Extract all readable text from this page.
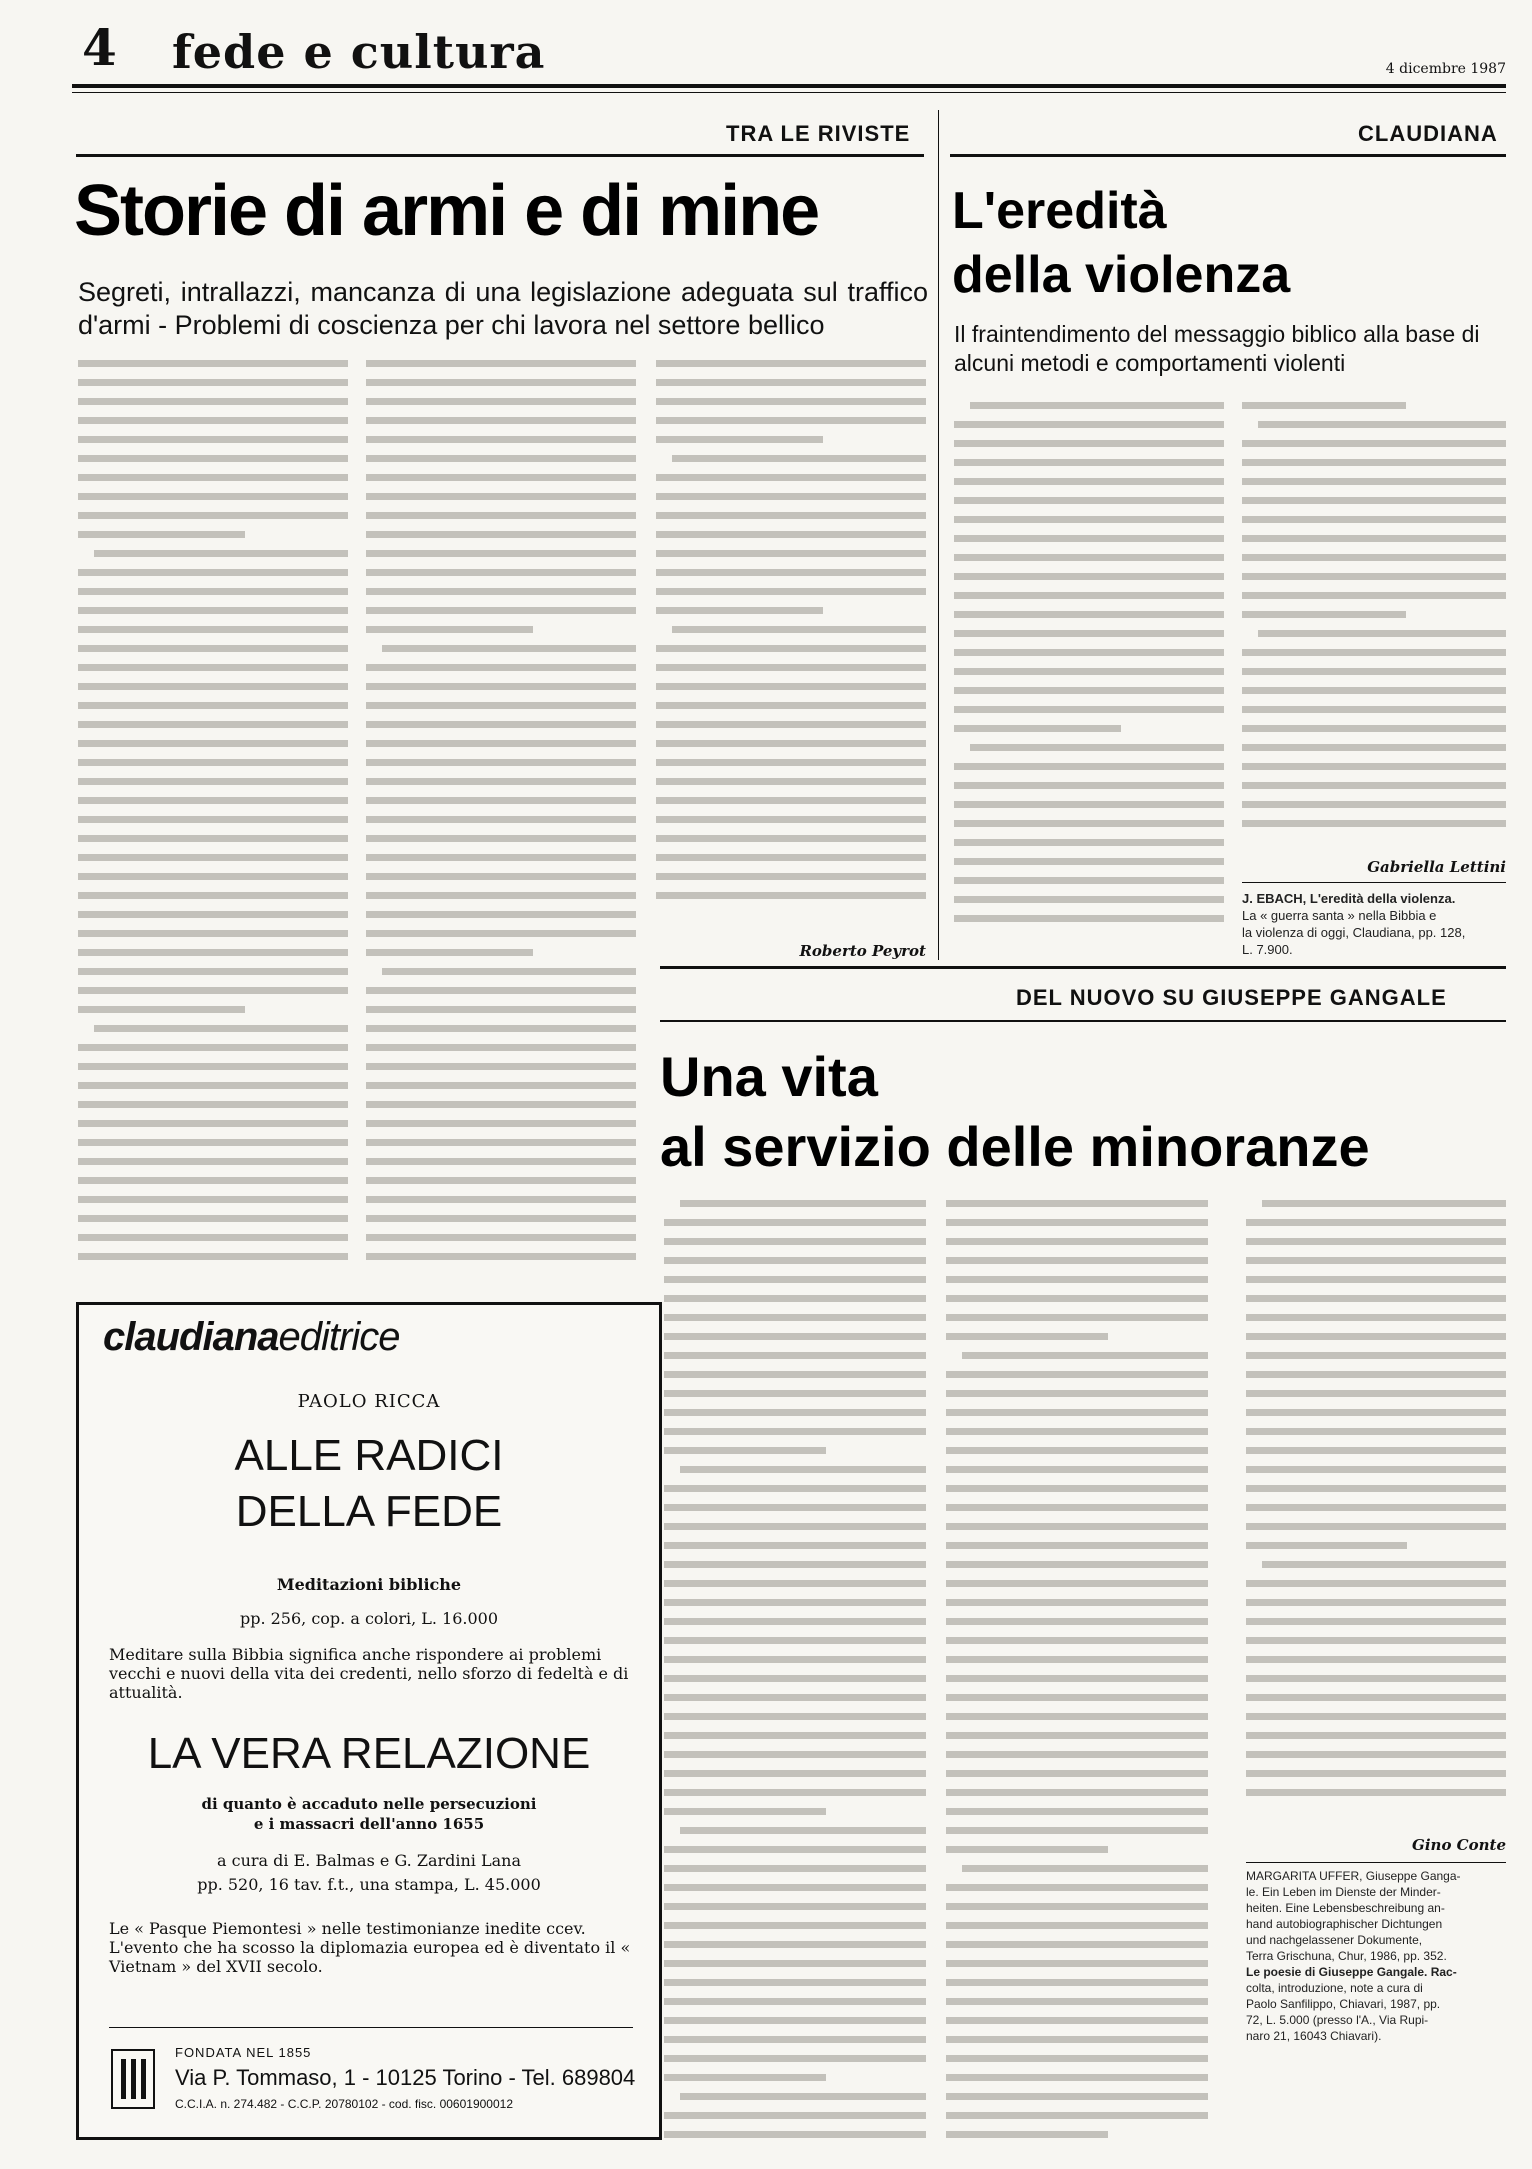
4 fede e cultura	4 dicembre 1987
TRA LE RIVISTE
Storie di armi e di mine
Segreti, intrallazzi, mancanza di una legislazione adeguata sul traffico d'armi - Problemi di coscienza per chi lavora nel settore bellico
Roberto Peyrot
CLAUDIANA
L'eredità
della violenza
Il fraintendimento del messaggio biblico alla base di alcuni metodi e comportamenti violenti
Gabriella Lettini
J. EBACH, L'eredità della violenza.
La « guerra santa » nella Bibbia e
la violenza di oggi, Claudiana, pp. 128,
L. 7.900.
DEL NUOVO SU GIUSEPPE GANGALE
Una vita
al servizio delle minoranze
Gino Conte
MARGARITA UFFER, Giuseppe Ganga-
le. Ein Leben im Dienste der Minder-
heiten. Eine Lebensbeschreibung an-
hand autobiographischer Dichtungen
und nachgelassener Dokumente,
Terra Grischuna, Chur, 1986, pp. 352.
Le poesie di Giuseppe Gangale. Rac-
colta, introduzione, note a cura di
Paolo Sanfilippo, Chiavari, 1987, pp.
72, L. 5.000 (presso l'A., Via Rupi-
naro 21, 16043 Chiavari).
claudianaeditrice
PAOLO RICCA
ALLE RADICI
DELLA FEDE
Meditazioni bibliche
pp. 256, cop. a colori, L. 16.000
Meditare sulla Bibbia significa anche rispondere ai problemi vecchi e nuovi della vita dei credenti, nello sforzo di fedeltà e di attualità.
LA VERA RELAZIONE
di quanto è accaduto nelle persecuzioni
e i massacri dell'anno 1655
a cura di E. Balmas e G. Zardini Lana
pp. 520, 16 tav. f.t., una stampa, L. 45.000
Le « Pasque Piemontesi » nelle testimonianze inedite ccev. L'evento che ha scosso la diplomazia europea ed è diventato il « Vietnam » del XVII secolo.
FONDATA NEL 1855
Via P. Tommaso, 1 - 10125 Torino - Tel. 689804
C.C.I.A. n. 274.482 - C.C.P. 20780102 - cod. fisc. 00601900012
